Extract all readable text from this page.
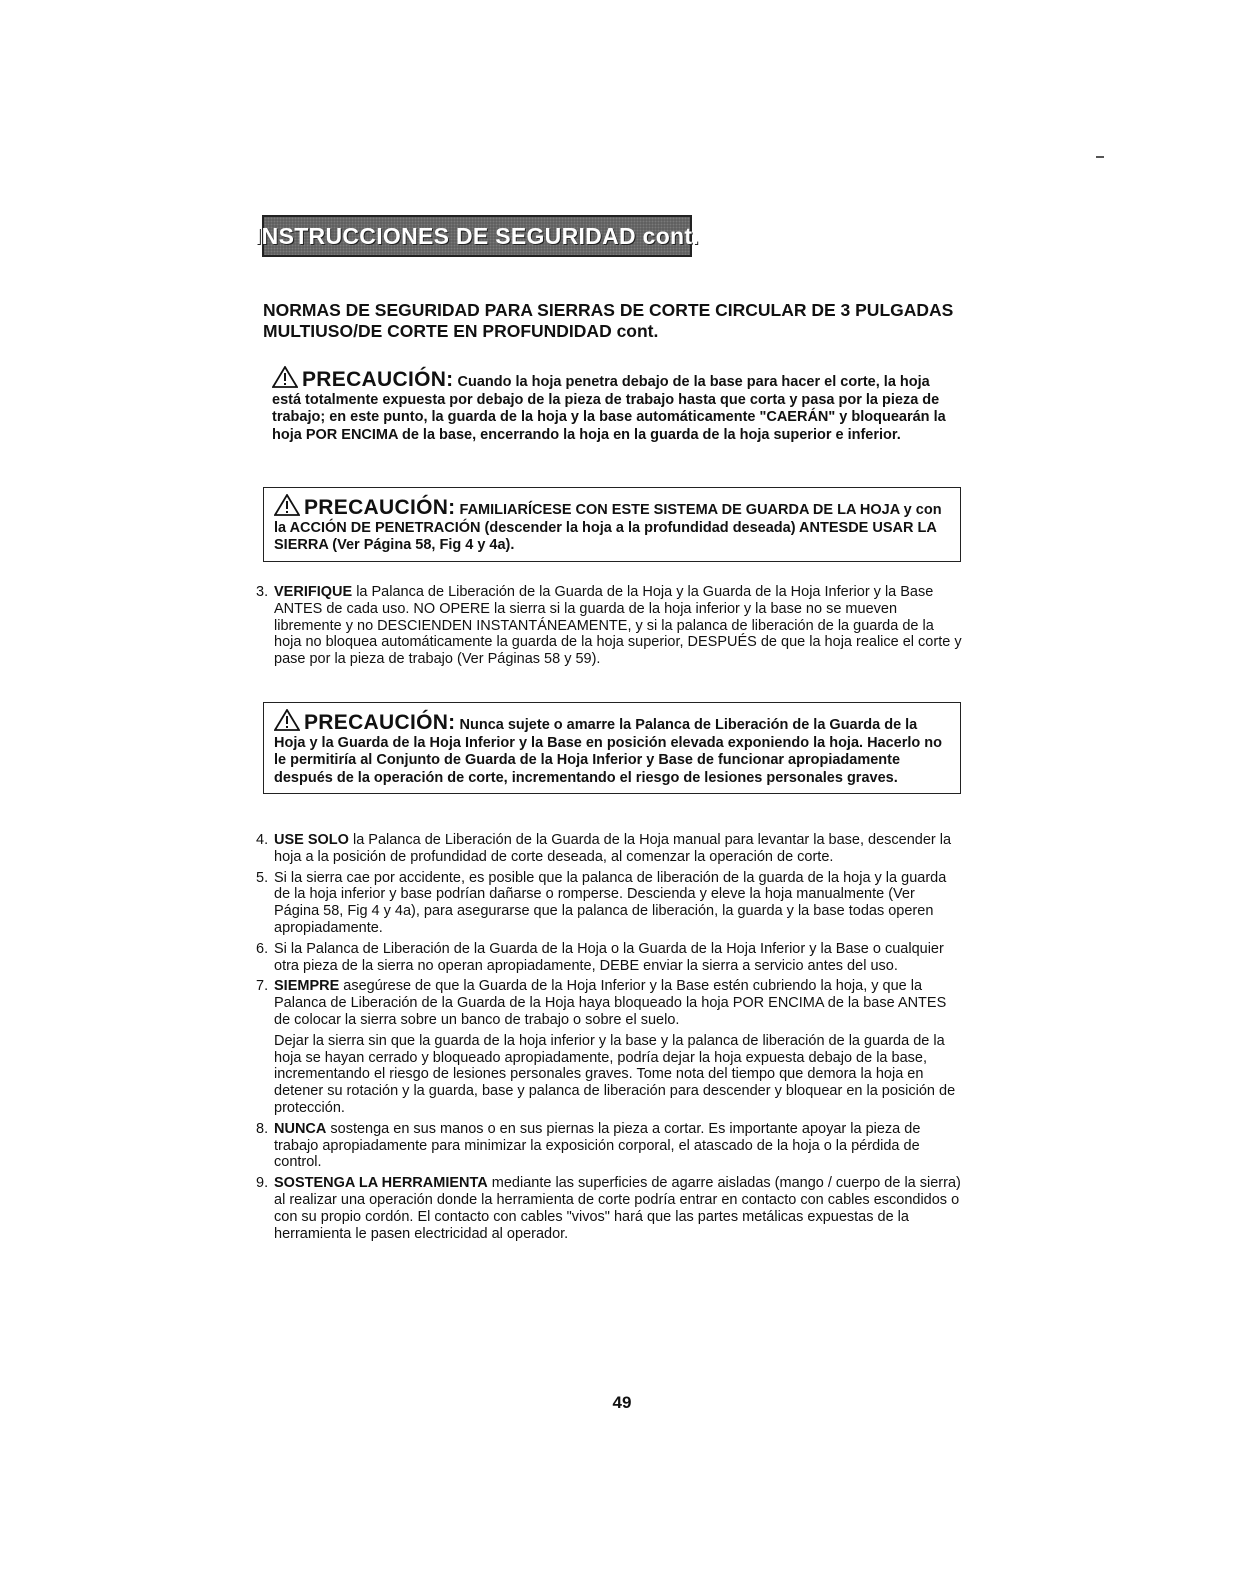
INSTRUCCIONES DE SEGURIDAD cont.

NORMAS DE SEGURIDAD PARA SIERRAS DE CORTE CIRCULAR DE 3 PULGADAS MULTIUSO/DE CORTE EN PROFUNDIDAD cont.

PRECAUCIÓN: Cuando la hoja penetra debajo de la base para hacer el corte, la hoja está totalmente expuesta por debajo de la pieza de trabajo hasta que corta y pasa por la pieza de trabajo; en este punto, la guarda de la hoja y la base automáticamente "CAERÁN" y bloquearán la hoja POR ENCIMA de la base, encerrando la hoja en la guarda de la hoja superior e inferior.
PRECAUCIÓN: FAMILIARÍCESE CON ESTE SISTEMA DE GUARDA DE LA HOJA y con la ACCIÓN DE PENETRACIÓN (descender la hoja a la profundidad deseada) ANTESDE USAR LA SIERRA (Ver Página 58, Fig 4 y 4a).
3. VERIFIQUE la Palanca de Liberación de la Guarda de la Hoja y la Guarda de la Hoja Inferior y la Base ANTES de cada uso. NO OPERE la sierra si la guarda de la hoja inferior y la base no se mueven libremente y no DESCIENDEN INSTANTÁNEAMENTE, y si la palanca de liberación de la guarda de la hoja no bloquea automáticamente la guarda de la hoja superior, DESPUÉS de que la hoja realice el corte y pase por la pieza de trabajo (Ver Páginas 58 y 59).

PRECAUCIÓN: Nunca sujete o amarre la Palanca de Liberación de la Guarda de la Hoja y la Guarda de la Hoja Inferior y la Base en posición elevada exponiendo la hoja. Hacerlo no le permitiría al Conjunto de Guarda de la Hoja Inferior y Base de funcionar apropiadamente después de la operación de corte, incrementando el riesgo de lesiones personales graves.
4. USE SOLO la Palanca de Liberación de la Guarda de la Hoja manual para levantar la base, descender la hoja a la posición de profundidad de corte deseada, al comenzar la operación de corte.

5. Si la sierra cae por accidente, es posible que la palanca de liberación de la guarda de la hoja y la guarda de la hoja inferior y base podrían dañarse o romperse. Descienda y eleve la hoja manualmente (Ver Página 58, Fig 4 y 4a), para asegurarse que la palanca de liberación, la guarda y la base todas operen apropiadamente.

6. Si la Palanca de Liberación de la Guarda de la Hoja o la Guarda de la Hoja Inferior y la Base o cualquier otra pieza de la sierra no operan apropiadamente, DEBE enviar la sierra a servicio antes del uso.

7. SIEMPRE asegúrese de que la Guarda de la Hoja Inferior y la Base estén cubriendo la hoja, y que la Palanca de Liberación de la Guarda de la Hoja haya bloqueado la hoja POR ENCIMA de la base ANTES de colocar la sierra sobre un banco de trabajo o sobre el suelo.

Dejar la sierra sin que la guarda de la hoja inferior y la base y la palanca de liberación de la guarda de la hoja se hayan cerrado y bloqueado apropiadamente, podría dejar la hoja expuesta debajo de la base, incrementando el riesgo de lesiones personales graves. Tome nota del tiempo que demora la hoja en detener su rotación y la guarda, base y palanca de liberación para descender y bloquear en la posición de protección.

8. NUNCA sostenga en sus manos o en sus piernas la pieza a cortar. Es importante apoyar la pieza de trabajo apropiadamente para minimizar la exposición corporal, el atascado de la hoja o la pérdida de control.

9. SOSTENGA LA HERRAMIENTA mediante las superficies de agarre aisladas (mango / cuerpo de la sierra) al realizar una operación donde la herramienta de corte podría entrar en contacto con cables escondidos o con su propio cordón. El contacto con cables "vivos" hará que las partes metálicas expuestas de la herramienta le pasen electricidad al operador.

49
